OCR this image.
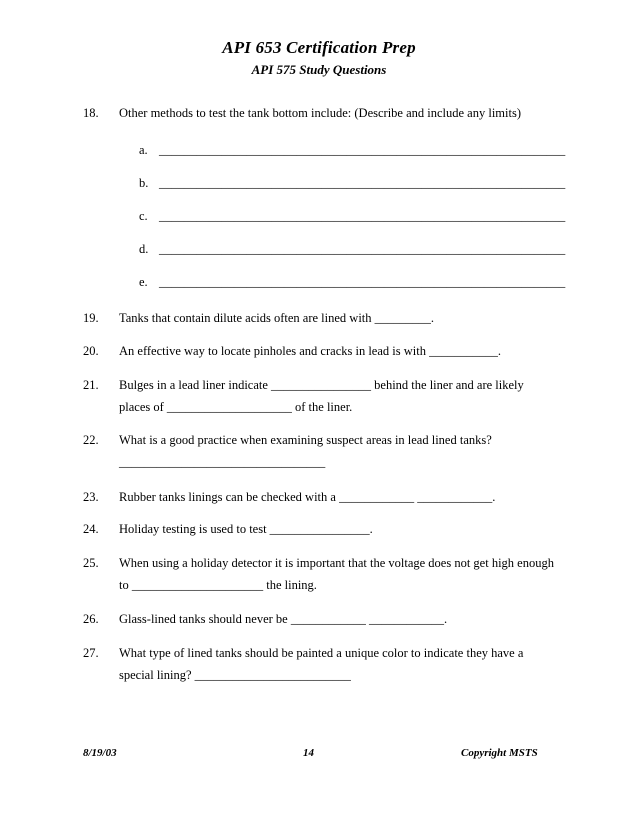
API 653 Certification Prep
API 575 Study Questions
18. Other methods to test the tank bottom include: (Describe and include any limits)
a. _________________________________________________________________
b. _________________________________________________________________
c. _________________________________________________________________
d. _________________________________________________________________
e. _________________________________________________________________
19. Tanks that contain dilute acids often are lined with _________.
20. An effective way to locate pinholes and cracks in lead is with ___________.
21. Bulges in a lead liner indicate ________________ behind the liner and are likely
places of ____________________ of the liner.
22. What is a good practice when examining suspect areas in lead lined tanks?
_________________________________
23. Rubber tanks linings can be checked with a ____________ ____________.
24. Holiday testing is used to test ________________.
25. When using a holiday detector it is important that the voltage does not get high enough
to _____________________ the lining.
26. Glass-lined tanks should never be ____________ ____________.
27. What type of lined tanks should be painted a unique color to indicate they have a
special lining? _________________________
8/19/03	14	Copyright MSTS
